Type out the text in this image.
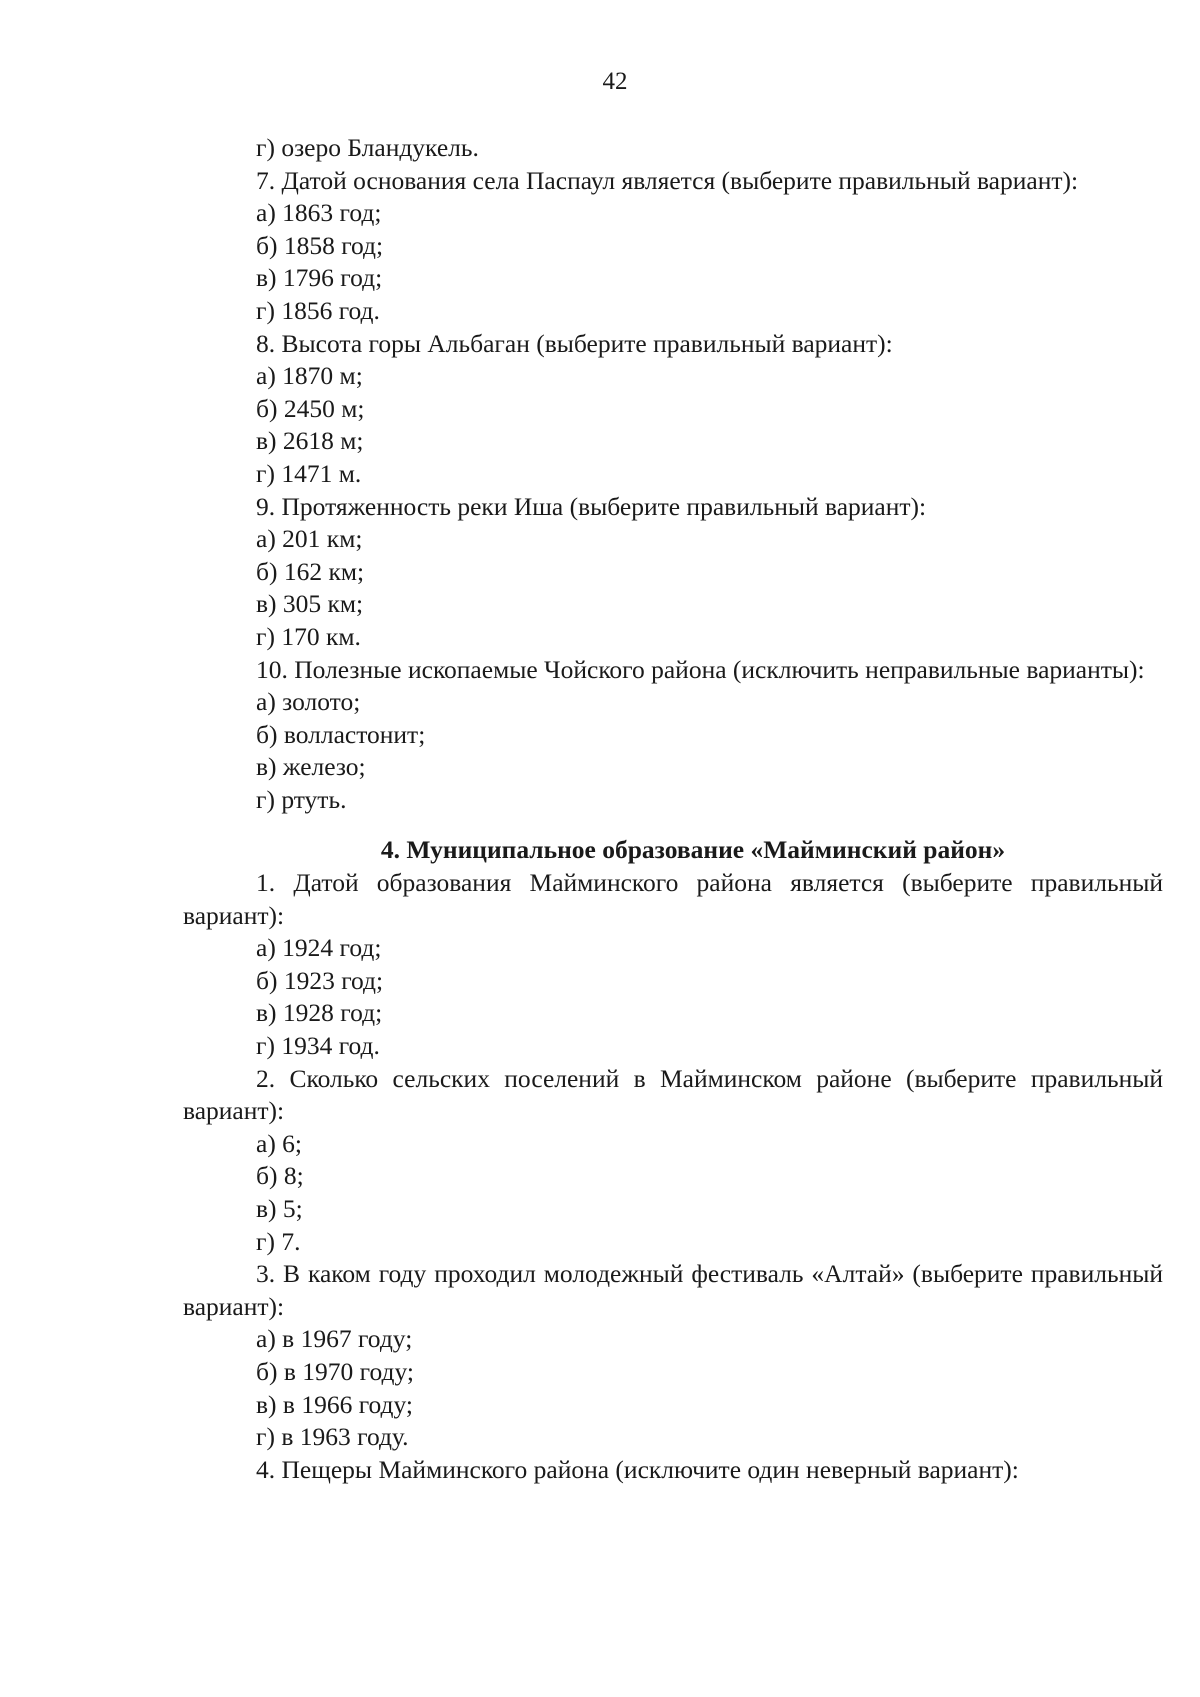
42
г) озеро Бландукель.
7. Датой основания села Паспаул является (выберите правильный вариант):
а) 1863 год;
б) 1858 год;
в) 1796 год;
г) 1856 год.
8. Высота горы Альбаган (выберите правильный вариант):
а) 1870 м;
б) 2450 м;
в) 2618 м;
г) 1471 м.
9. Протяженность реки Иша (выберите правильный вариант):
а) 201 км;
б) 162 км;
в) 305 км;
г) 170 км.

10. Полезные ископаемые Чойского района (исключить неправильные варианты):

а) золото;
б) волластонит;
в) железо;
г) ртуть.
4. Муниципальное образование «Майминский район»

1. Датой образования Майминского района является (выберите правильный вариант):

а) 1924 год;
б) 1923 год;
в) 1928 год;
г) 1934 год.

2. Сколько сельских поселений в Майминском районе (выберите правильный вариант):

а) 6;
б) 8;
в) 5;
г) 7.

3. В каком году проходил молодежный фестиваль «Алтай» (выберите правильный вариант):

а) в 1967 году;
б) в 1970 году;
в) в 1966 году;
г) в 1963 году.
4. Пещеры Майминского района (исключите один неверный вариант):
